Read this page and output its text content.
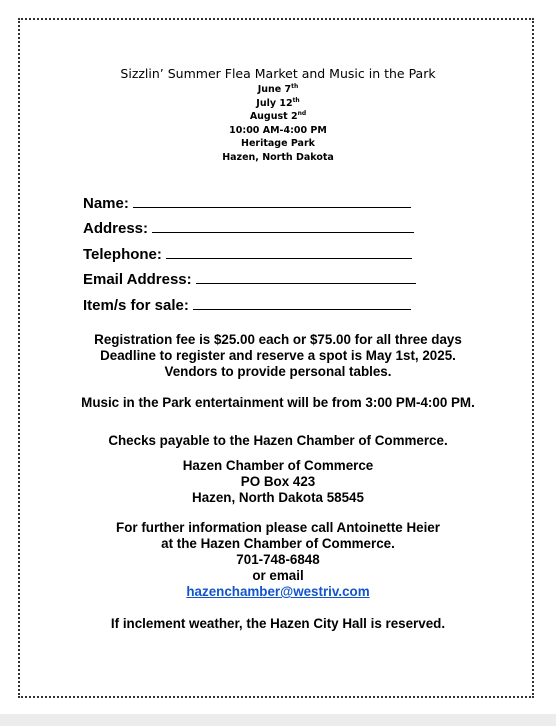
Sizzlin’ Summer Flea Market and Music in the Park
June 7th
July 12th
August 2nd
10:00 AM-4:00 PM
Heritage Park
Hazen, North Dakota
Name:
Address:
Telephone:
Email Address:
Item/s for sale:
Registration fee is $25.00 each or $75.00 for all three days
Deadline to register and reserve a spot is May 1st, 2025.
Vendors to provide personal tables.
Music in the Park entertainment will be from 3:00 PM-4:00 PM.
Checks payable to the Hazen Chamber of Commerce.
Hazen Chamber of Commerce
PO Box 423
Hazen, North Dakota 58545
For further information please call Antoinette Heier
at the Hazen Chamber of Commerce.
701-748-6848
or email
hazenchamber@westriv.com
If inclement weather, the Hazen City Hall is reserved.
